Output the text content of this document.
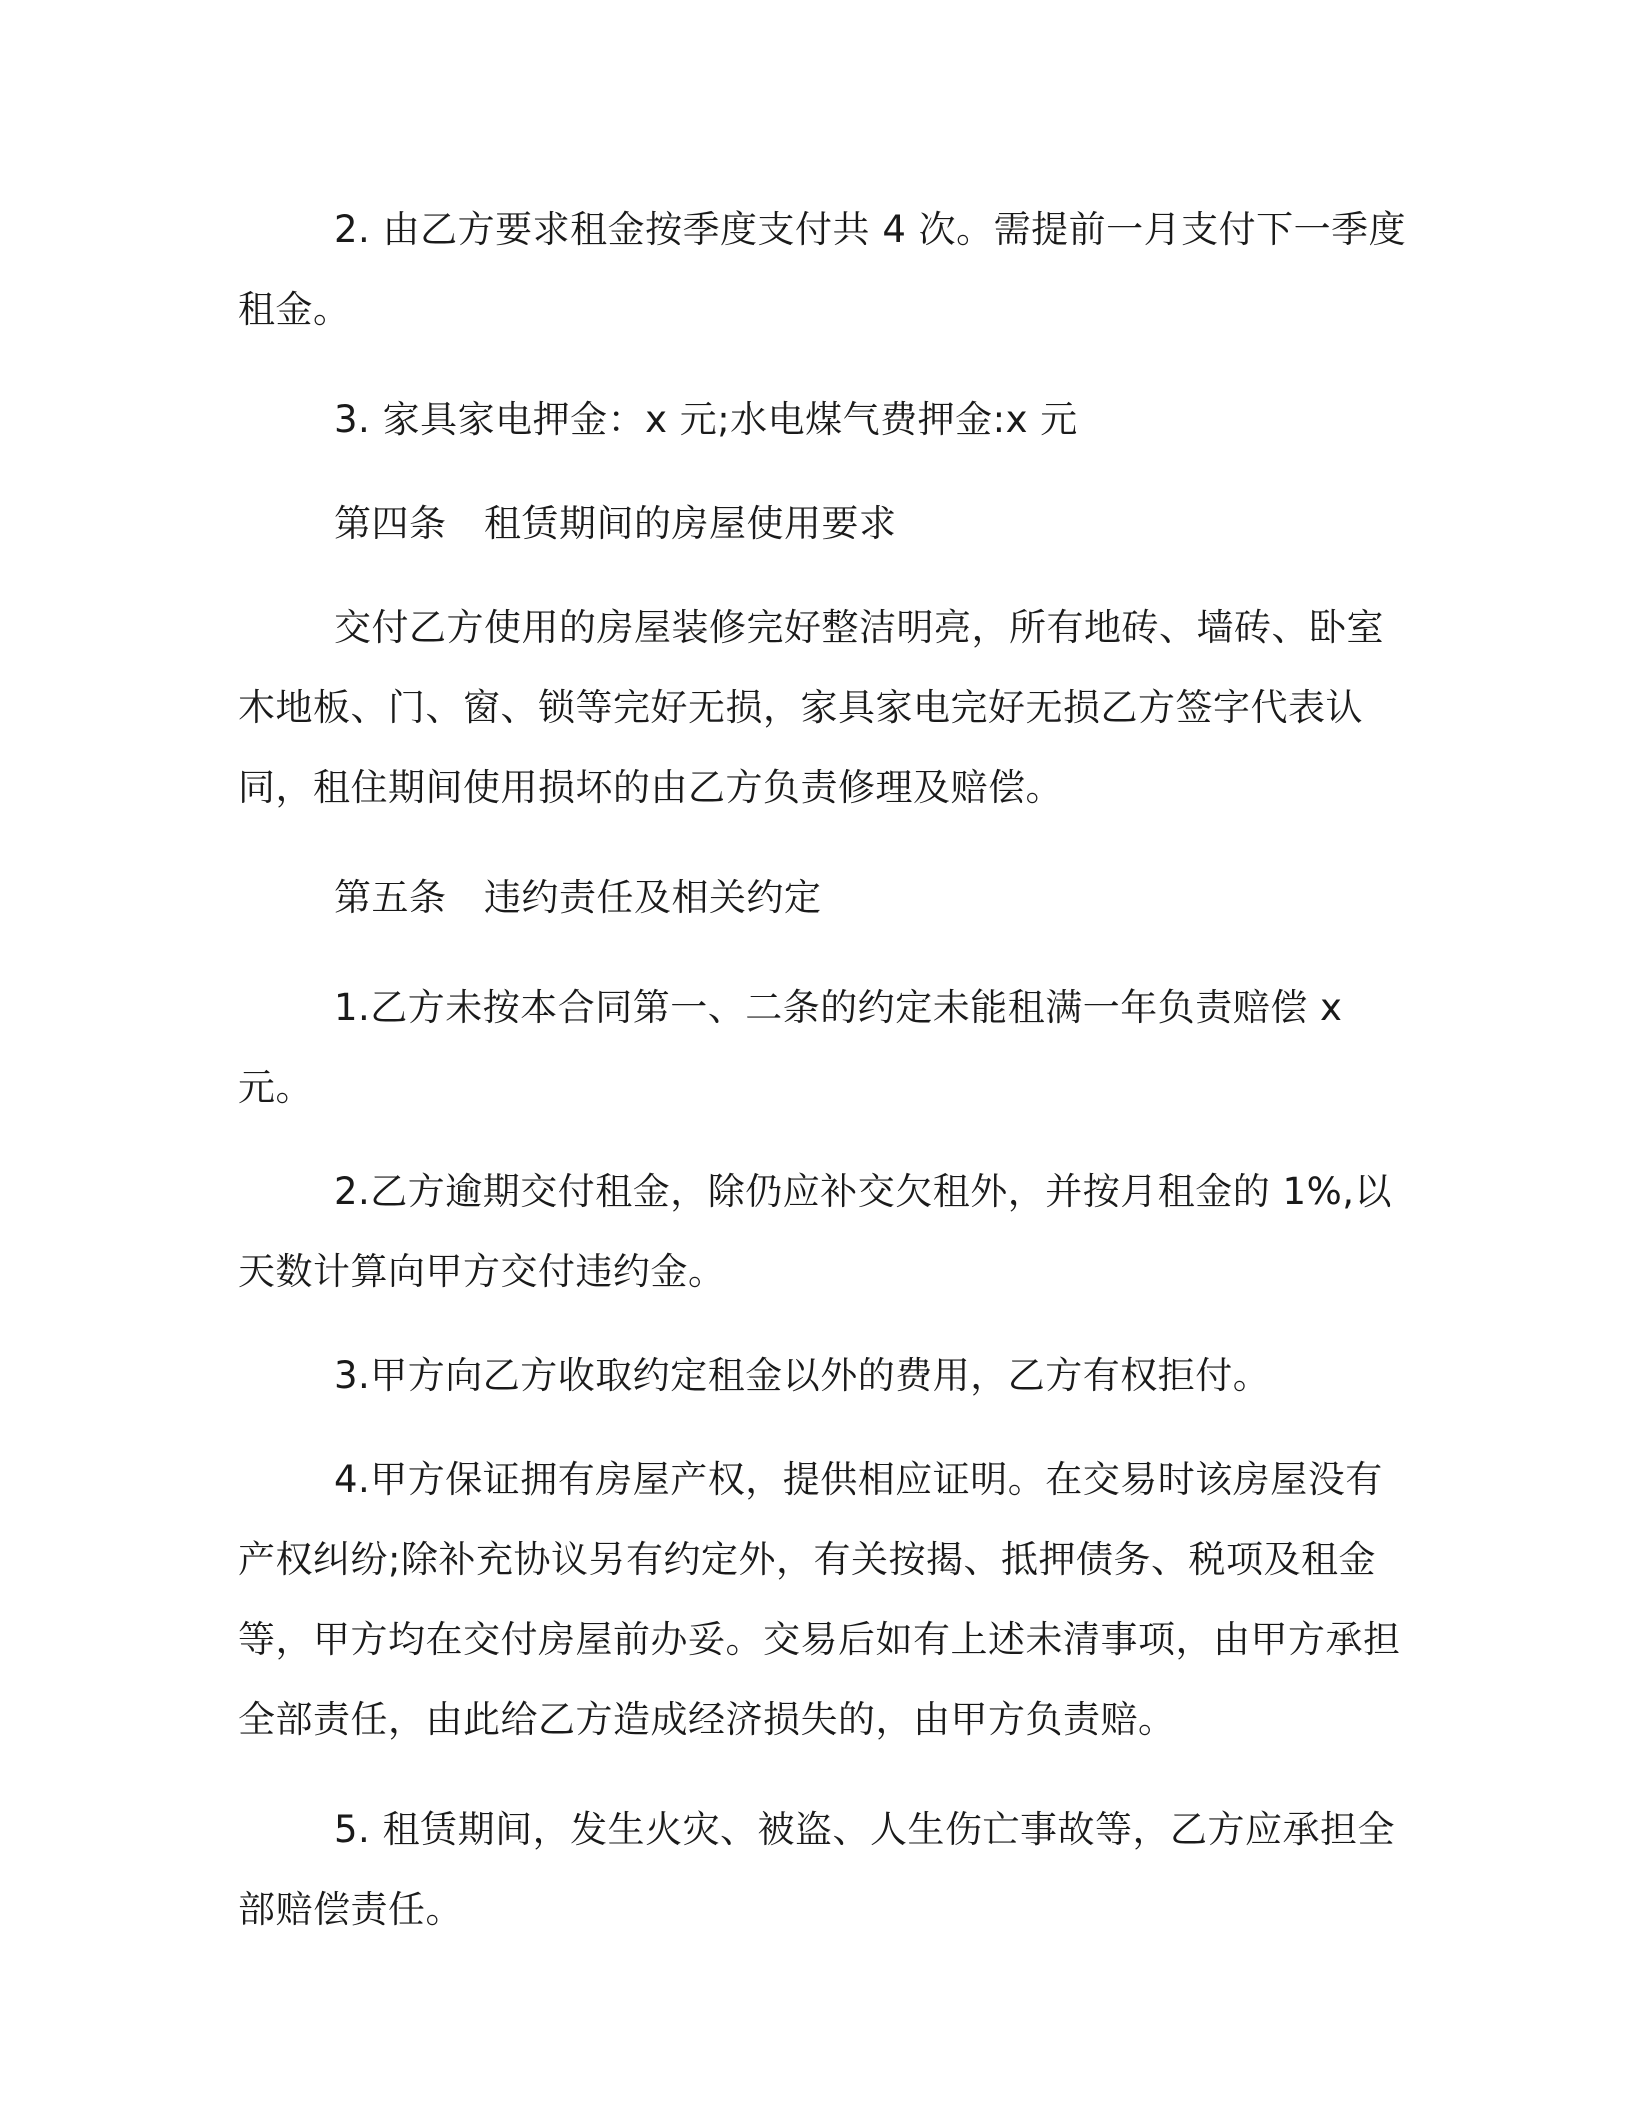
2. 由乙方要求租金按季度支付共 4 次。需提前一月支付下一季度租金。

3. 家具家电押金：x 元;水电煤气费押金:x 元

第四条　租赁期间的房屋使用要求

交付乙方使用的房屋装修完好整洁明亮，所有地砖、墙砖、卧室木地板、门、窗、锁等完好无损，家具家电完好无损乙方签字代表认同，租住期间使用损坏的由乙方负责修理及赔偿。

第五条　违约责任及相关约定

1.乙方未按本合同第一、二条的约定未能租满一年负责赔偿 x 元。

2.乙方逾期交付租金，除仍应补交欠租外，并按月租金的 1%,以天数计算向甲方交付违约金。

3.甲方向乙方收取约定租金以外的费用，乙方有权拒付。

4.甲方保证拥有房屋产权，提供相应证明。在交易时该房屋没有产权纠纷;除补充协议另有约定外，有关按揭、抵押债务、税项及租金等，甲方均在交付房屋前办妥。交易后如有上述未清事项，由甲方承担全部责任，由此给乙方造成经济损失的，由甲方负责赔。

5. 租赁期间，发生火灾、被盗、人生伤亡事故等，乙方应承担全部赔偿责任。
